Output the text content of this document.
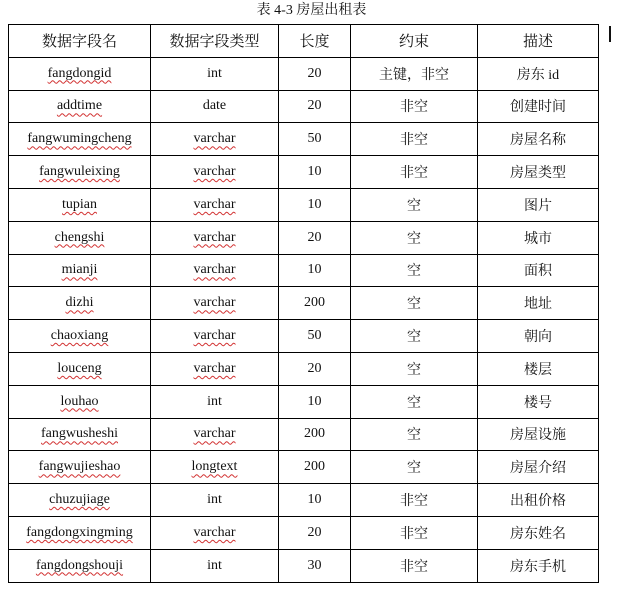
表 4-3 房屋出租表
数据字段名	数据字段类型	长度	约束	描述
fangdongid	int	20	主键，非空	房东 id
addtime	date	20	非空	创建时间
fangwumingcheng	varchar	50	非空	房屋名称
fangwuleixing	varchar	10	非空	房屋类型
tupian	varchar	10	空	图片
chengshi	varchar	20	空	城市
mianji	varchar	10	空	面积
dizhi	varchar	200	空	地址
chaoxiang	varchar	50	空	朝向
louceng	varchar	20	空	楼层
louhao	int	10	空	楼号
fangwusheshi	varchar	200	空	房屋设施
fangwujieshao	longtext	200	空	房屋介绍
chuzujiage	int	10	非空	出租价格
fangdongxingming	varchar	20	非空	房东姓名
fangdongshouji	int	30	非空	房东手机
